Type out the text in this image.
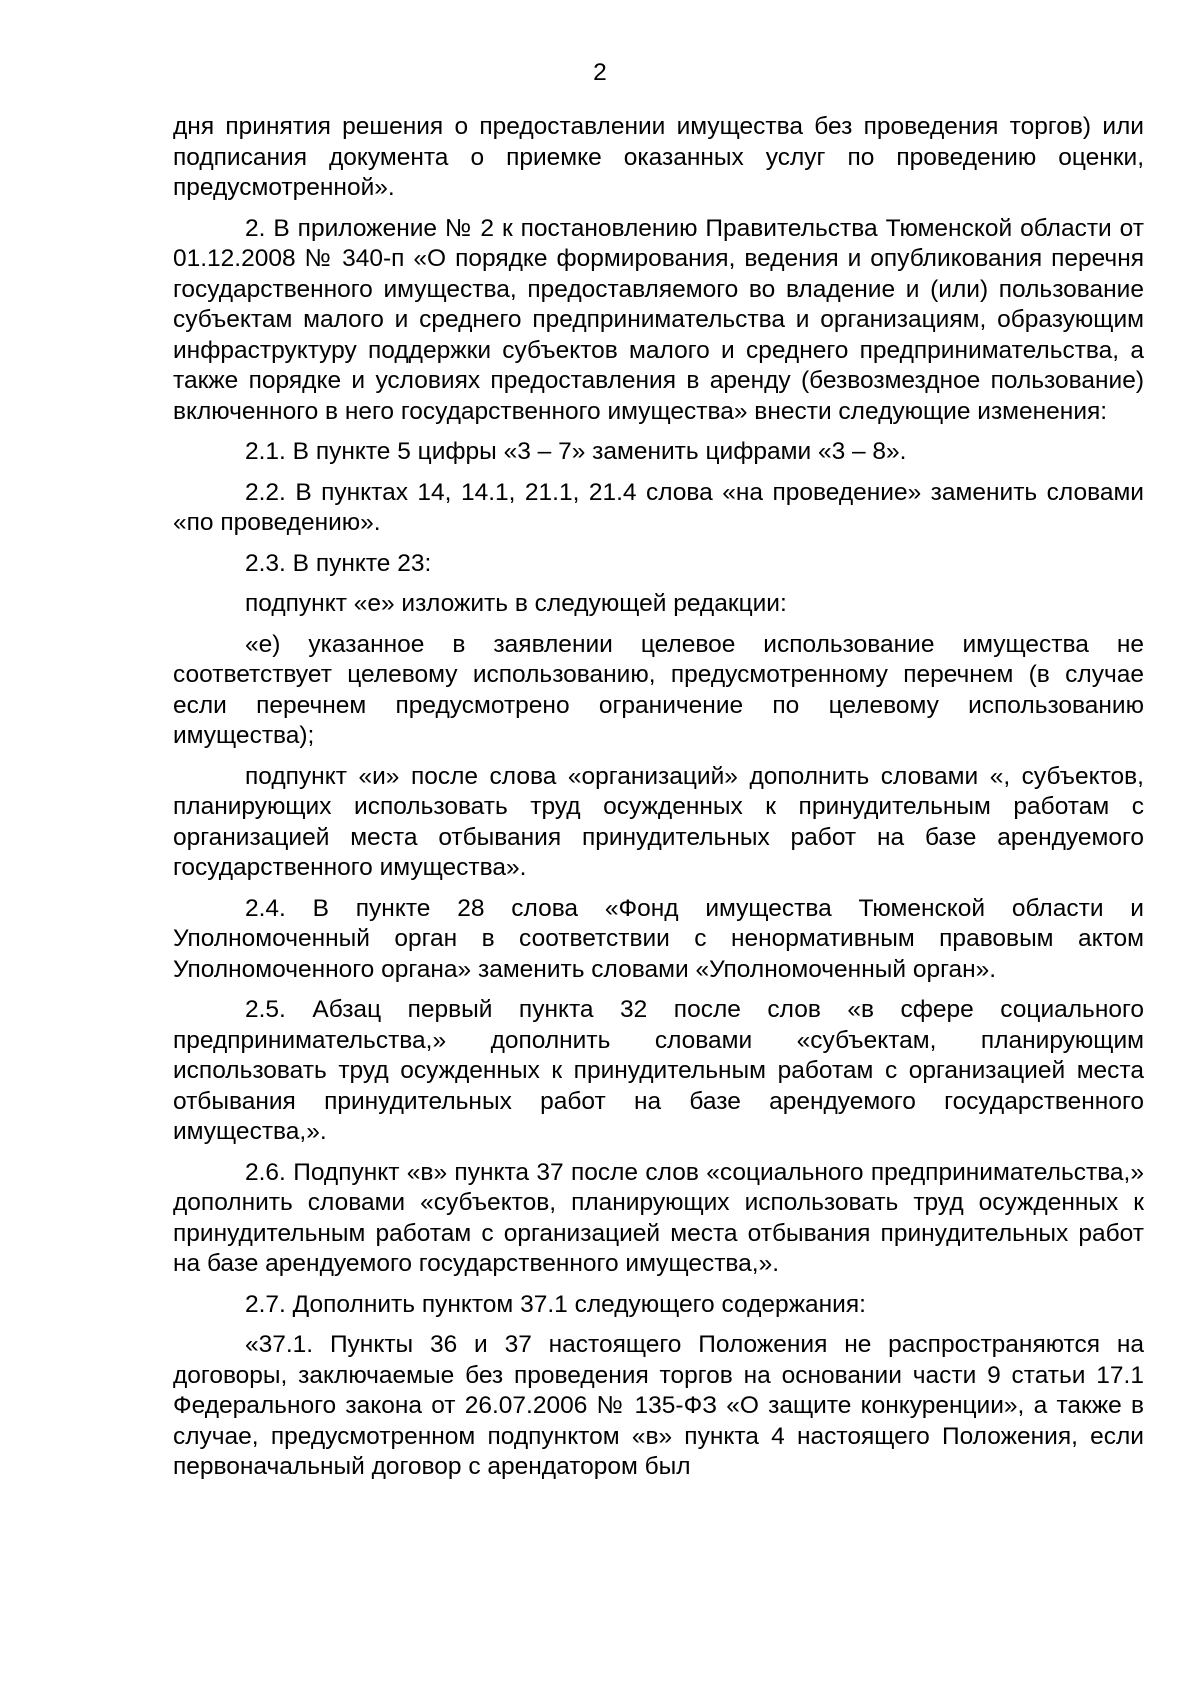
2

дня принятия решения о предоставлении имущества без проведения торгов) или подписания документа о приемке оказанных услуг по проведению оценки, предусмотренной».

2. В приложение № 2 к постановлению Правительства Тюменской области от 01.12.2008 № 340-п «О порядке формирования, ведения и опубликования перечня государственного имущества, предоставляемого во владение и (или) пользование субъектам малого и среднего предпринимательства и организациям, образующим инфраструктуру поддержки субъектов малого и среднего предпринимательства, а также порядке и условиях предоставления в аренду (безвозмездное пользование) включенного в него государственного имущества» внести следующие изменения:

2.1. В пункте 5 цифры «3 – 7» заменить цифрами «3 – 8».

2.2. В пунктах 14, 14.1, 21.1, 21.4 слова «на проведение» заменить словами «по проведению».

2.3. В пункте 23:

подпункт «е» изложить в следующей редакции:

«е) указанное в заявлении целевое использование имущества не соответствует целевому использованию, предусмотренному перечнем (в случае если перечнем предусмотрено ограничение по целевому использованию имущества);

подпункт «и» после слова «организаций» дополнить словами «, субъектов, планирующих использовать труд осужденных к принудительным работам с организацией места отбывания принудительных работ на базе арендуемого государственного имущества».

2.4. В пункте 28 слова «Фонд имущества Тюменской области и Уполномоченный орган в соответствии с ненормативным правовым актом Уполномоченного органа» заменить словами «Уполномоченный орган».

2.5. Абзац первый пункта 32 после слов «в сфере социального предпринимательства,» дополнить словами «субъектам, планирующим использовать труд осужденных к принудительным работам с организацией места отбывания принудительных работ на базе арендуемого государственного имущества,».

2.6. Подпункт «в» пункта 37 после слов «социального предпринимательства,» дополнить словами «субъектов, планирующих использовать труд осужденных к принудительным работам с организацией места отбывания принудительных работ на базе арендуемого государственного имущества,».

2.7. Дополнить пунктом 37.1 следующего содержания:

«37.1. Пункты 36 и 37 настоящего Положения не распространяются на договоры, заключаемые без проведения торгов на основании части 9 статьи 17.1 Федерального закона от 26.07.2006 № 135-ФЗ «О защите конкуренции», а также в случае, предусмотренном подпунктом «в» пункта 4 настоящего Положения, если первоначальный договор с арендатором был
